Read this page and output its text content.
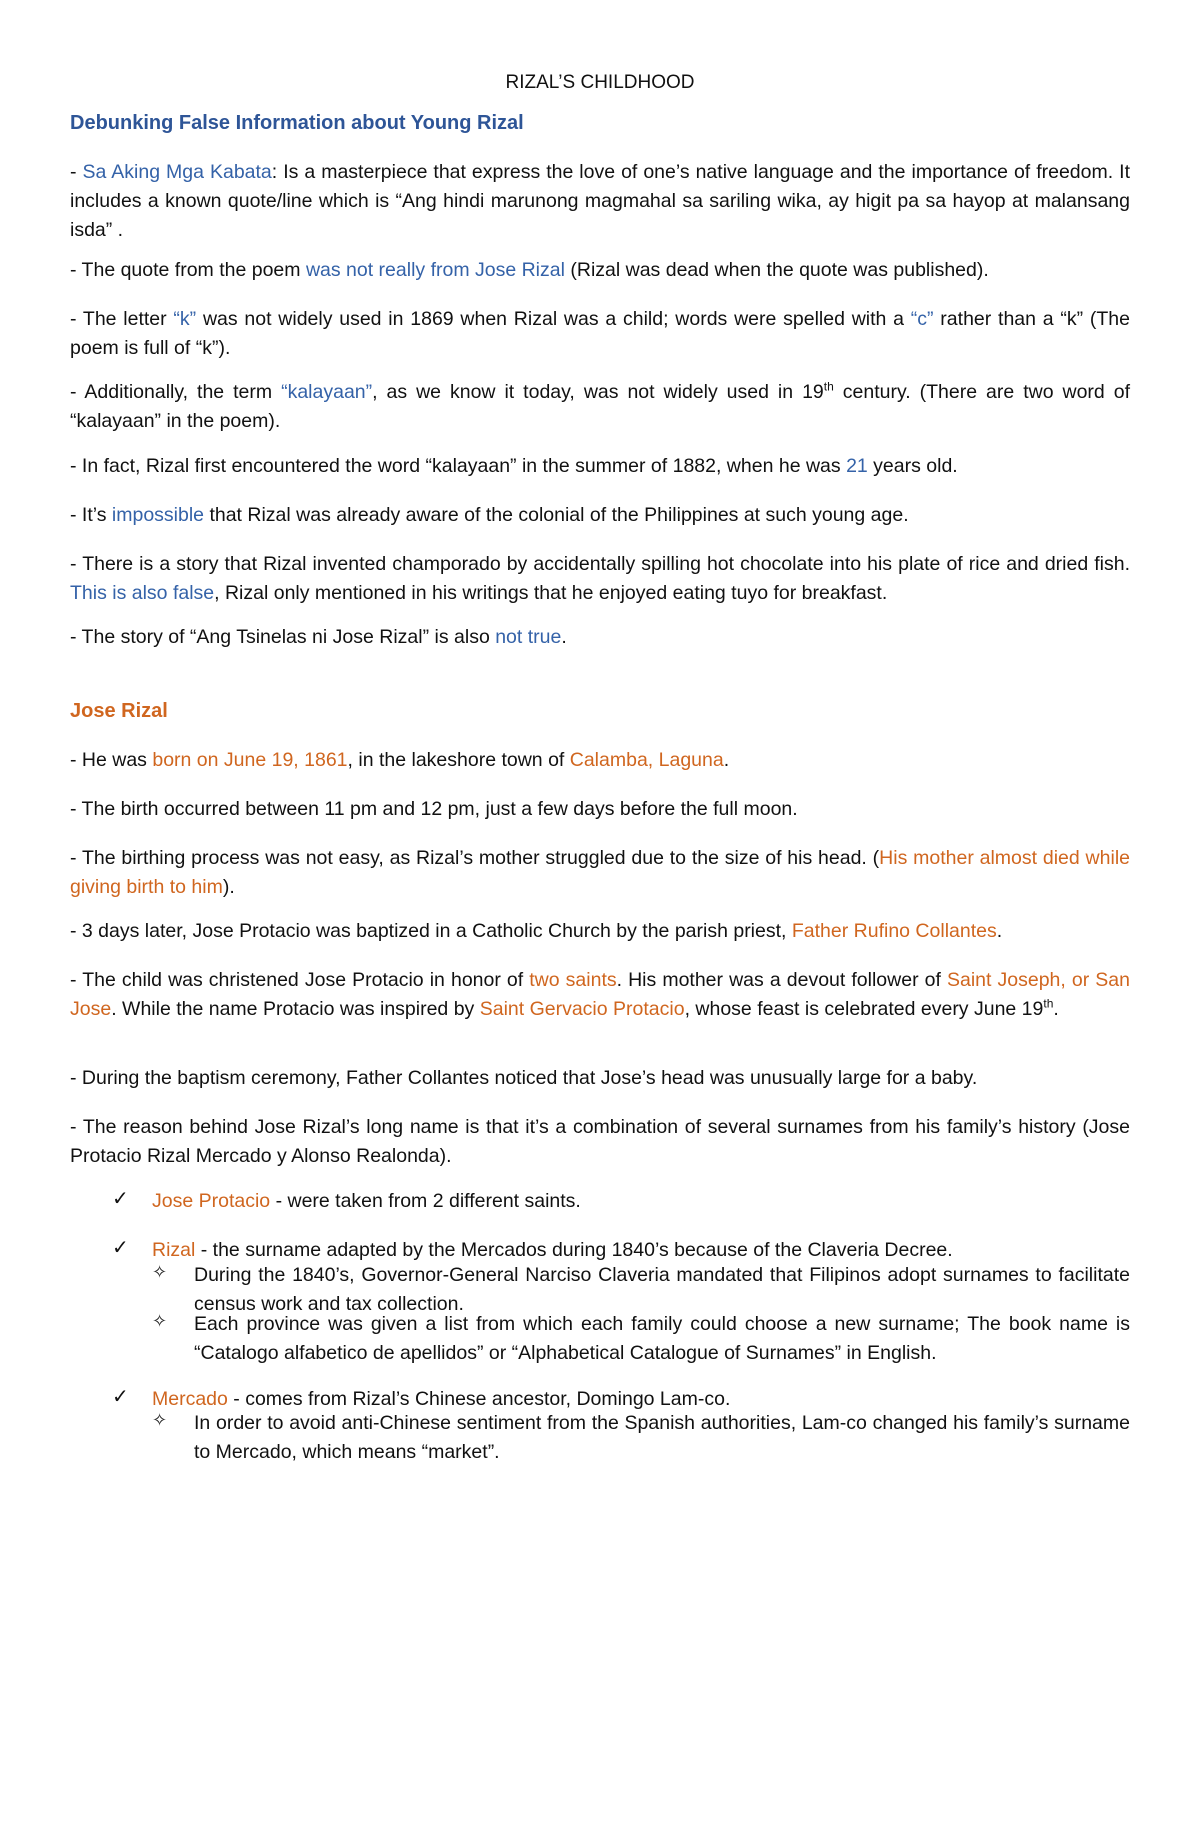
RIZAL’S CHILDHOOD
Debunking False Information about Young Rizal
- Sa Aking Mga Kabata: Is a masterpiece that express the love of one’s native language and the importance of freedom. It includes a known quote/line which is “Ang hindi marunong magmahal sa sariling wika, ay higit pa sa hayop at malansang isda” .
- The quote from the poem was not really from Jose Rizal (Rizal was dead when the quote was published).
- The letter “k” was not widely used in 1869 when Rizal was a child; words were spelled with a “c” rather than a “k” (The poem is full of “k”).
- Additionally, the term “kalayaan”, as we know it today, was not widely used in 19th century. (There are two word of “kalayaan” in the poem).
- In fact, Rizal first encountered the word “kalayaan” in the summer of 1882, when he was 21 years old.
- It’s impossible that Rizal was already aware of the colonial of the Philippines at such young age.
- There is a story that Rizal invented champorado by accidentally spilling hot chocolate into his plate of rice and dried fish. This is also false, Rizal only mentioned in his writings that he enjoyed eating tuyo for breakfast.
- The story of “Ang Tsinelas ni Jose Rizal” is also not true.
Jose Rizal
- He was born on June 19, 1861, in the lakeshore town of Calamba, Laguna.
- The birth occurred between 11 pm and 12 pm, just a few days before the full moon.
- The birthing process was not easy, as Rizal’s mother struggled due to the size of his head. (His mother almost died while giving birth to him).
- 3 days later, Jose Protacio was baptized in a Catholic Church by the parish priest, Father Rufino Collantes.
- The child was christened Jose Protacio in honor of two saints. His mother was a devout follower of Saint Joseph, or San Jose. While the name Protacio was inspired by Saint Gervacio Protacio, whose feast is celebrated every June 19th.
- During the baptism ceremony, Father Collantes noticed that Jose’s head was unusually large for a baby.
- The reason behind Jose Rizal’s long name is that it’s a combination of several surnames from his family’s history (Jose Protacio Rizal Mercado y Alonso Realonda).
✓ Jose Protacio - were taken from 2 different saints.
✓ Rizal - the surname adapted by the Mercados during 1840’s because of the Claveria Decree.
✧ During the 1840’s, Governor-General Narciso Claveria mandated that Filipinos adopt surnames to facilitate census work and tax collection.
✧ Each province was given a list from which each family could choose a new surname; The book name is “Catalogo alfabetico de apellidos” or “Alphabetical Catalogue of Surnames” in English.
✓ Mercado - comes from Rizal’s Chinese ancestor, Domingo Lam-co.
✧ In order to avoid anti-Chinese sentiment from the Spanish authorities, Lam-co changed his family’s surname to Mercado, which means “market”.
